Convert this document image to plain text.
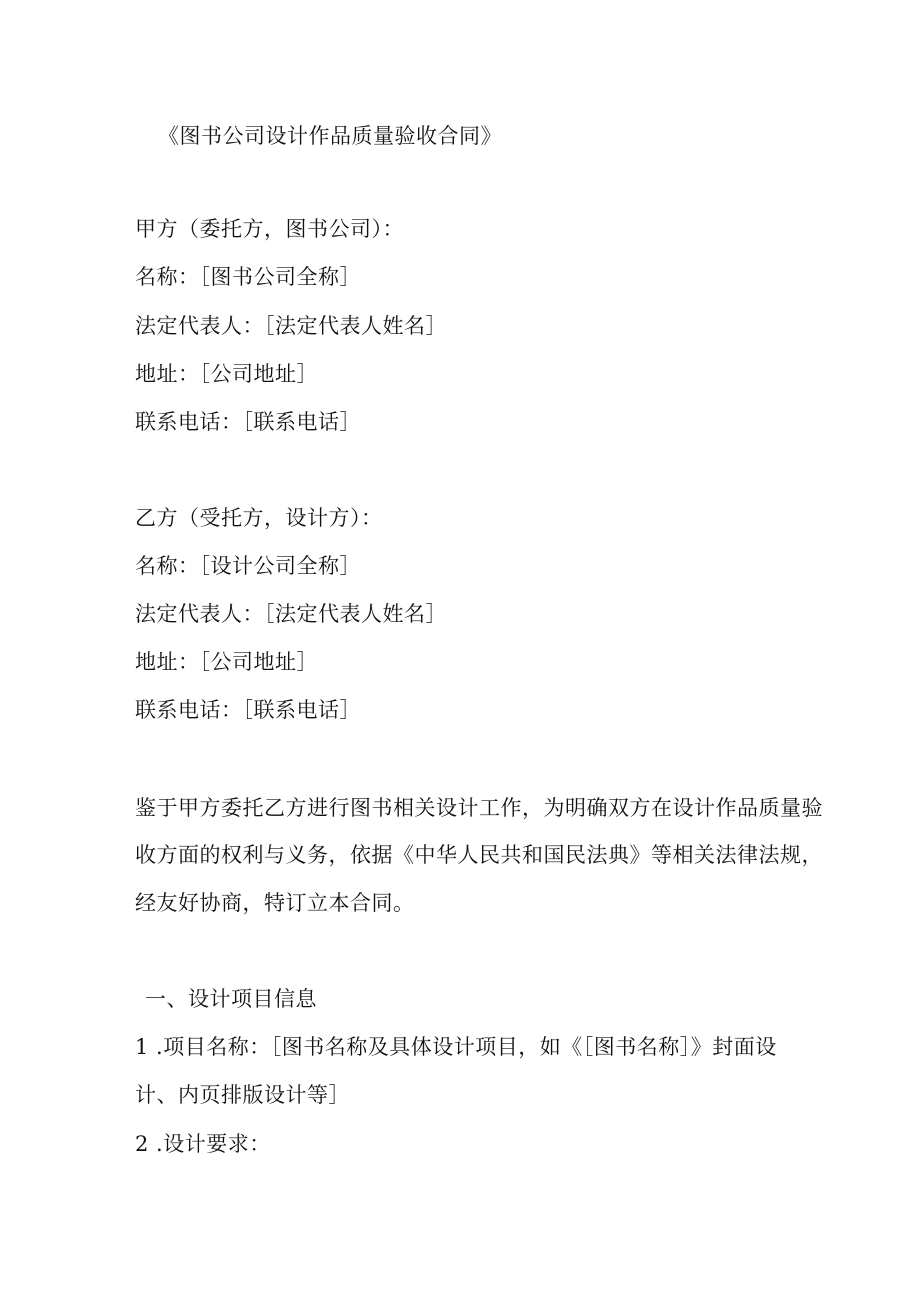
《图书公司设计作品质量验收合同》
甲方（委托方，图书公司）：
名称：［图书公司全称］
法定代表人：［法定代表人姓名］
地址：［公司地址］
联系电话：［联系电话］
乙方（受托方，设计方）：
名称：［设计公司全称］
法定代表人：［法定代表人姓名］
地址：［公司地址］
联系电话：［联系电话］
鉴于甲方委托乙方进行图书相关设计工作，为明确双方在设计作品质量验
收方面的权利与义务，依据《中华人民共和国民法典》等相关法律法规，
经友好协商，特订立本合同。
一、设计项目信息
1 .项目名称：［图书名称及具体设计项目，如《［图书名称］》封面设
计、内页排版设计等］
2 .设计要求：
